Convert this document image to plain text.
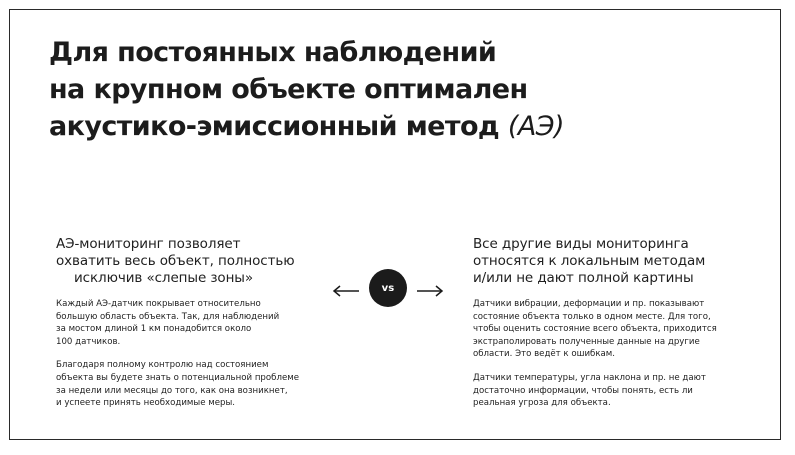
Для постоянных наблюдений
на крупном объекте оптимален
акустико-эмиссионный метод (АЭ)
АЭ-мониторинг позволяет
охватить весь объект, полностью
исключив «слепые зоны»

Каждый АЭ-датчик покрывает относительно
большую область объекта. Так, для наблюдений
за мостом длиной 1 км понадобится около
100 датчиков.

Благодаря полному контролю над состоянием
объекта вы будете знать о потенциальной проблеме
за недели или месяцы до того, как она возникнет,
и успеете принять необходимые меры.

vs
Все другие виды мониторинга
относятся к локальным методам
и/или не дают полной картины

Датчики вибрации, деформации и пр. показывают
состояние объекта только в одном месте. Для того,
чтобы оценить состояние всего объекта, приходится
экстраполировать полученные данные на другие
области. Это ведёт к ошибкам.

Датчики температуры, угла наклона и пр. не дают
достаточно информации, чтобы понять, есть ли
реальная угроза для объекта.
